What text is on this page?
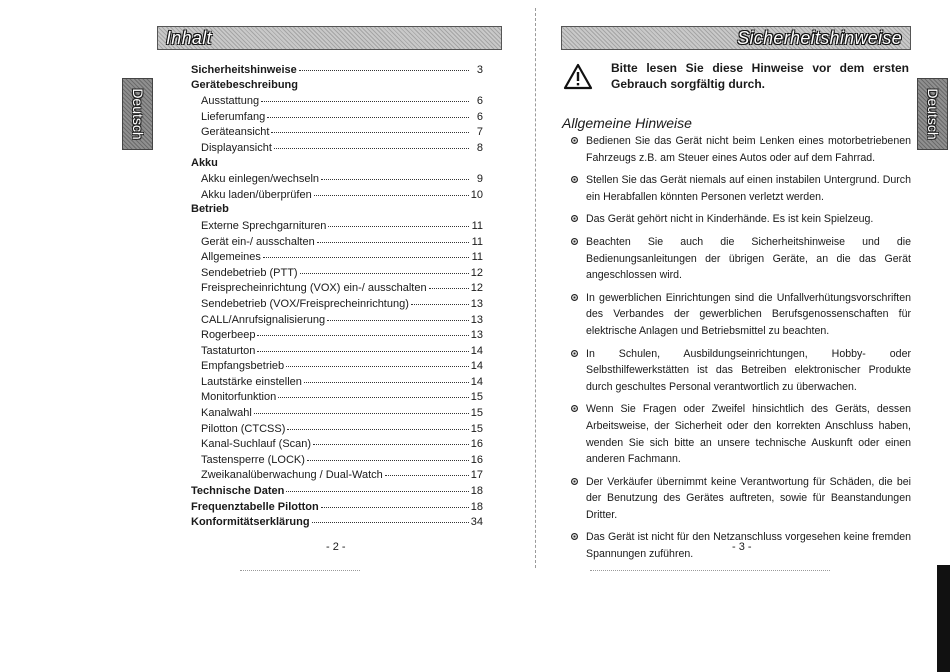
Inhalt
Deutsch
Sicherheitshinweise	3
Gerätebeschreibung
Ausstattung	6
Lieferumfang	6
Geräteansicht	7
Displayansicht	8
Akku
Akku einlegen/wechseln	9
Akku laden/überprüfen	10
Betrieb
Externe Sprechgarnituren	11
Gerät ein-/ ausschalten	11
Allgemeines	11
Sendebetrieb (PTT)	12
Freisprecheinrichtung (VOX) ein-/ ausschalten	12
Sendebetrieb (VOX/Freisprecheinrichtung)	13
CALL/Anrufsignalisierung	13
Rogerbeep	13
Tastaturton	14
Empfangsbetrieb	14
Lautstärke einstellen	14
Monitorfunktion	15
Kanalwahl	15
Pilotton (CTCSS)	15
Kanal-Suchlauf (Scan)	16
Tastensperre (LOCK)	16
Zweikanalüberwachung / Dual-Watch	17
Technische Daten	18
Frequenztabelle Pilotton	18
Konformitätserklärung	34
- 2 -
Sicherheitshinweise
Deutsch
Bitte lesen Sie diese Hinweise vor dem ersten Gebrauch sorgfältig durch.
Allgemeine Hinweise
Bedienen Sie das Gerät nicht beim Lenken eines motorbetriebenen Fahrzeugs z.B. am Steuer eines Autos oder auf dem Fahrrad.
Stellen Sie das Gerät niemals auf einen instabilen Untergrund. Durch ein Herabfallen könnten Personen verletzt werden.
Das Gerät gehört nicht in Kinderhände. Es ist kein Spielzeug.
Beachten Sie auch die Sicherheitshinweise und die Bedienungsanleitungen der übrigen Geräte, an die das Gerät angeschlossen wird.
In gewerblichen Einrichtungen sind die Unfallverhütungsvorschriften des Verbandes der gewerblichen Berufsgenossenschaften für elektrische Anlagen und Betriebsmittel zu beachten.
In Schulen, Ausbildungseinrichtungen, Hobby- oder Selbsthilfewerkstätten ist das Betreiben elektronischer Produkte durch geschultes Personal verantwortlich zu überwachen.
Wenn Sie Fragen oder Zweifel hinsichtlich des Geräts, dessen Arbeitsweise, der Sicherheit oder den korrekten Anschluss haben, wenden Sie sich bitte an unsere technische Auskunft oder einen anderen Fachmann.
Der Verkäufer übernimmt keine Verantwortung für Schäden, die bei der Benutzung des Gerätes auftreten, sowie für Beanstandungen Dritter.
Das Gerät ist nicht für den Netzanschluss vorgesehen keine fremden Spannungen zuführen.
- 3 -
